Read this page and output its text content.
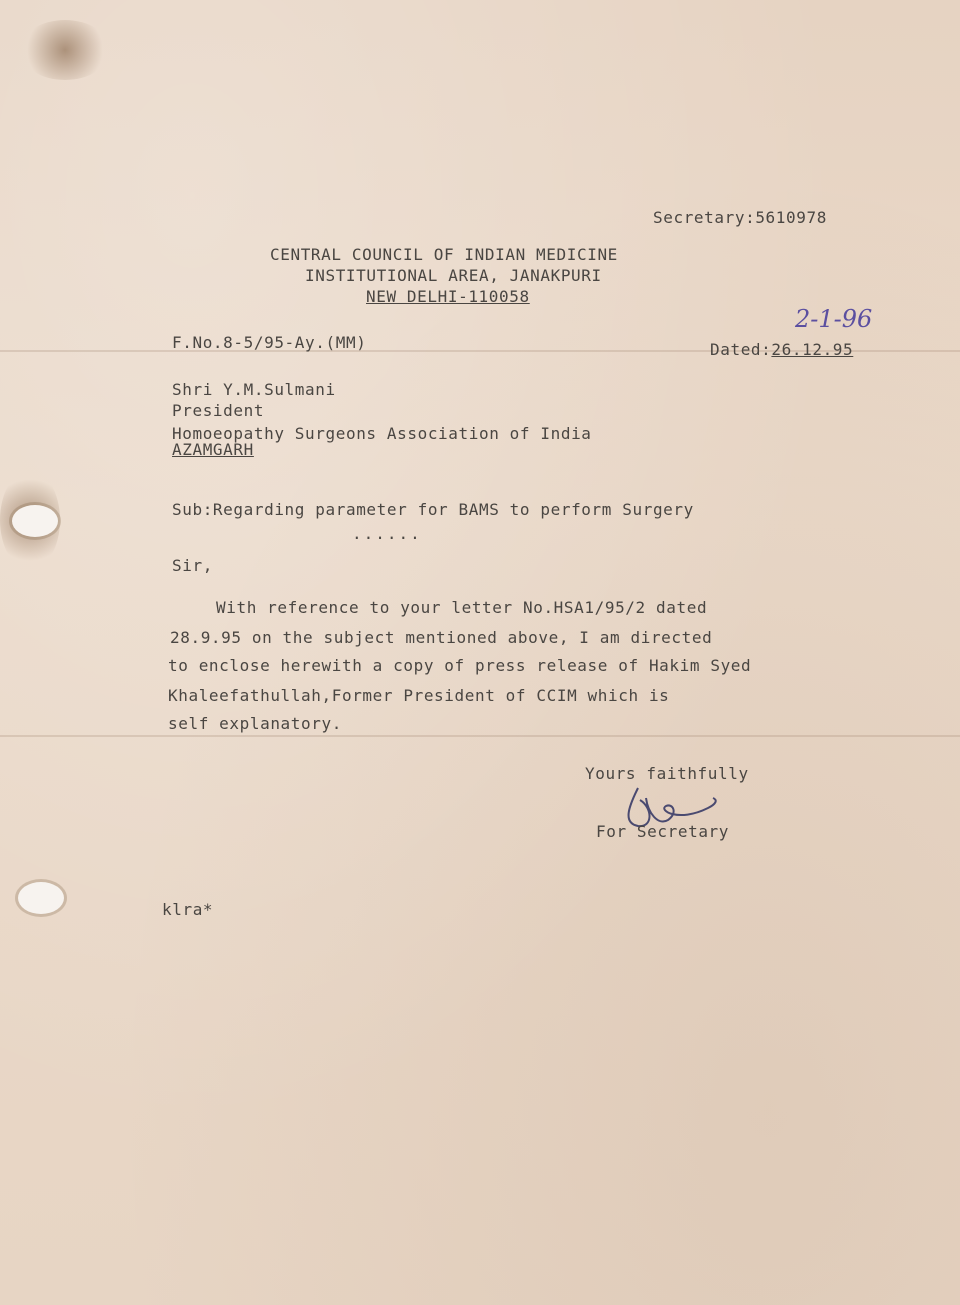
Secretary:5610978
CENTRAL COUNCIL OF INDIAN MEDICINE
INSTITUTIONAL AREA, JANAKPURI
NEW DELHI-110058
F.No.8-5/95-Ay.(MM)
2-1-96
Dated:26.12.95
Shri Y.M.Sulmani
President
Homoeopathy Surgeons Association of India
AZAMGARH
Sub:Regarding parameter for BAMS to perform Surgery
......
Sir,
With reference to your letter No.HSA1/95/2 dated
28.9.95 on the subject mentioned above, I am directed
to enclose herewith a copy of press release of Hakim Syed
Khaleefathullah,Former President of CCIM which is
self explanatory.
Yours faithfully
For Secretary
klra*
